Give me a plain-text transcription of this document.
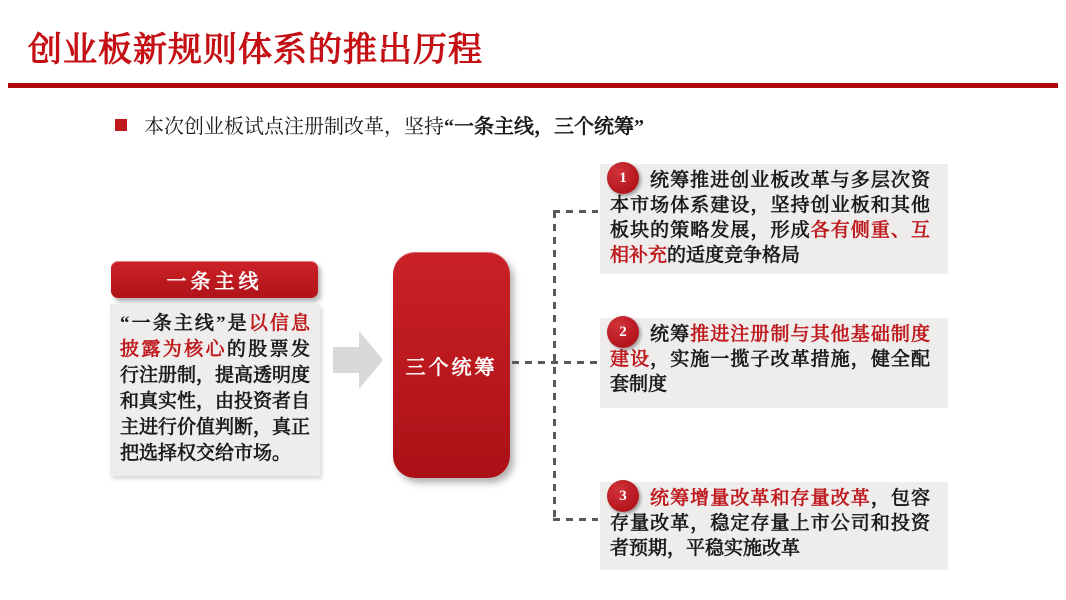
创业板新规则体系的推出历程
本次创业板试点注册制改革，坚持“一条主线，三个统筹”
一条主线
“一条主线”是以信息披露为核心的股票发行注册制，提高透明度和真实性，由投资者自主进行价值判断，真正把选择权交给市场。
三个统筹
1	统筹推进创业板改革与多层次资本市场体系建设，坚持创业板和其他板块的策略发展，形成各有侧重、互相补充的适度竞争格局

2	统筹推进注册制与其他基础制度建设，实施一揽子改革措施，健全配套制度

3	统筹增量改革和存量改革，包容存量改革，稳定存量上市公司和投资者预期，平稳实施改革
